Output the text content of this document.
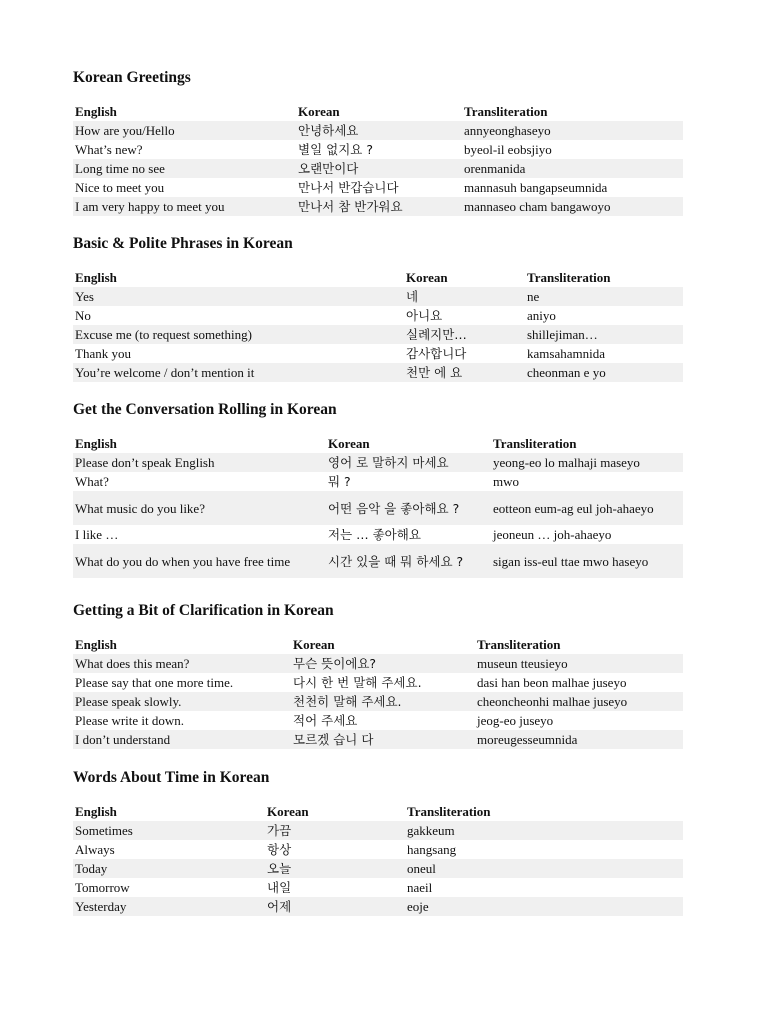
Korean Greetings
English	Korean	Transliteration
How are you/Hello	안녕하세요	annyeonghaseyo
What’s new?	별일 없지요 ?	byeol-il eobsjiyo
Long time no see	오랜만이다	orenmanida
Nice to meet you	만나서 반갑습니다	mannasuh bangapseumnida
I am very happy to meet you	만나서 참 반가워요	mannaseo cham bangawoyo
Basic & Polite Phrases in Korean
English	Korean	Transliteration
Yes	네	ne
No	아니요	aniyo
Excuse me (to request something)	실례지만…	shillejiman…
Thank you	감사합니다	kamsahamnida
You’re welcome / don’t mention it	천만 에 요	cheonman e yo
Get the Conversation Rolling in Korean
English	Korean	Transliteration
Please don’t speak English	영어 로 말하지 마세요	yeong-eo lo malhaji maseyo
What?	뭐 ?	mwo
What music do you like?	어떤 음악 을 좋아해요 ?	eotteon eum-ag eul joh-ahaeyo
I like …	저는 … 좋아해요	jeoneun … joh-ahaeyo
What do you do when you have free time	시간 있을 때 뭐 하세요 ?	sigan iss-eul ttae mwo haseyo
Getting a Bit of Clarification in Korean
English	Korean	Transliteration
What does this mean?	무슨 뜻이에요?	museun tteusieyo
Please say that one more time.	다시 한 번 말해 주세요.	dasi han beon malhae juseyo
Please speak slowly.	천천히 말해 주세요.	cheoncheonhi malhae juseyo
Please write it down.	적어 주세요	jeog-eo juseyo
I don’t understand	모르겠 습니 다	moreugesseumnida
Words About Time in Korean
English	Korean	Transliteration
Sometimes	가끔	gakkeum
Always	항상	hangsang
Today	오늘	oneul
Tomorrow	내일	naeil
Yesterday	어제	eoje
